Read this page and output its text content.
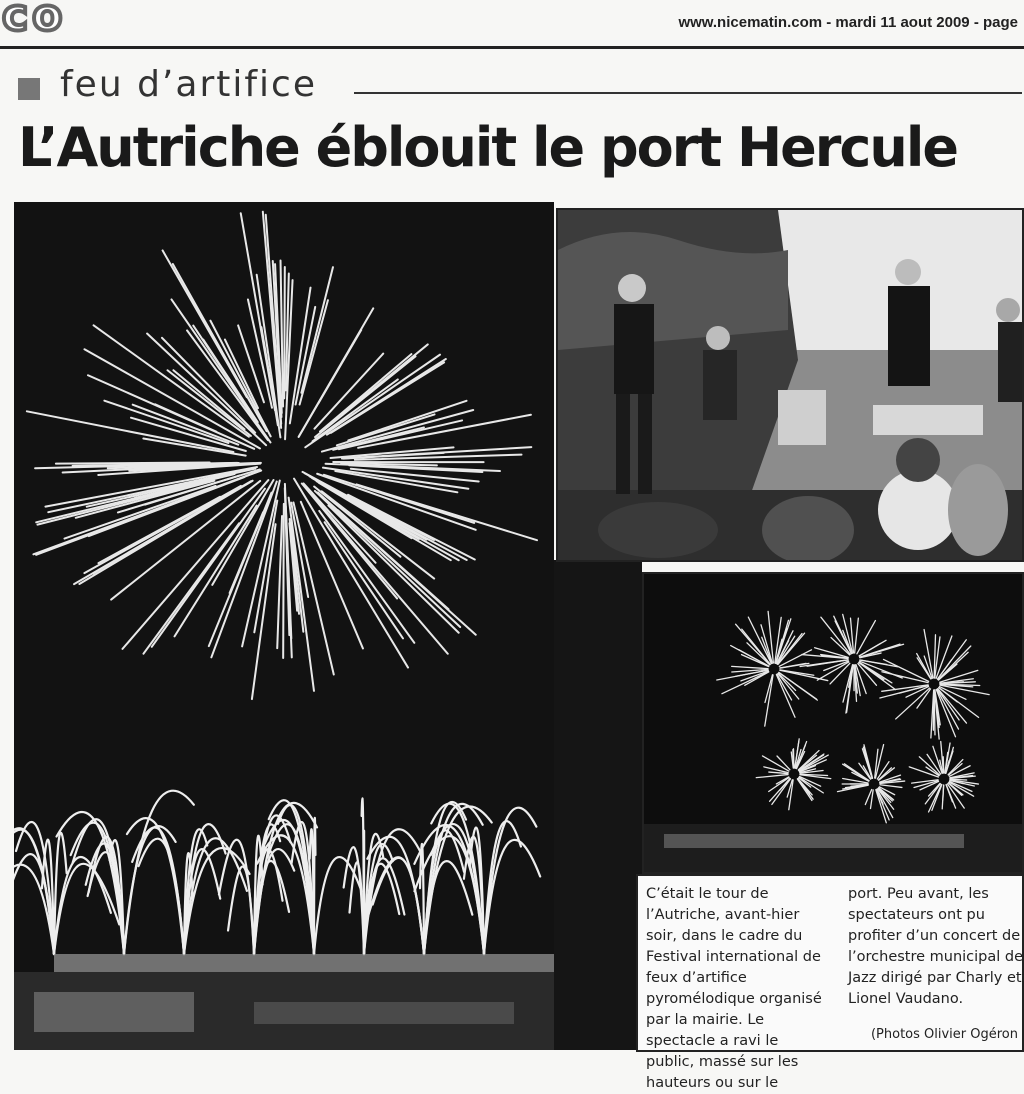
co	www.nicematin.com - mardi 11 aout 2009 - page
feu d’artifice
L’Autriche éblouit le port Hercule
C’était le tour de l’Autriche, avant-hier soir, dans le cadre du Festival international de feux d’artifice pyromélodique organisé par la mairie. Le spectacle a ravi le public, massé sur les hauteurs ou sur le
port. Peu avant, les spectateurs ont pu profiter d’un concert de l’orchestre municipal de Jazz dirigé par Charly et Lionel Vaudano.
(Photos Olivier Ogéron
